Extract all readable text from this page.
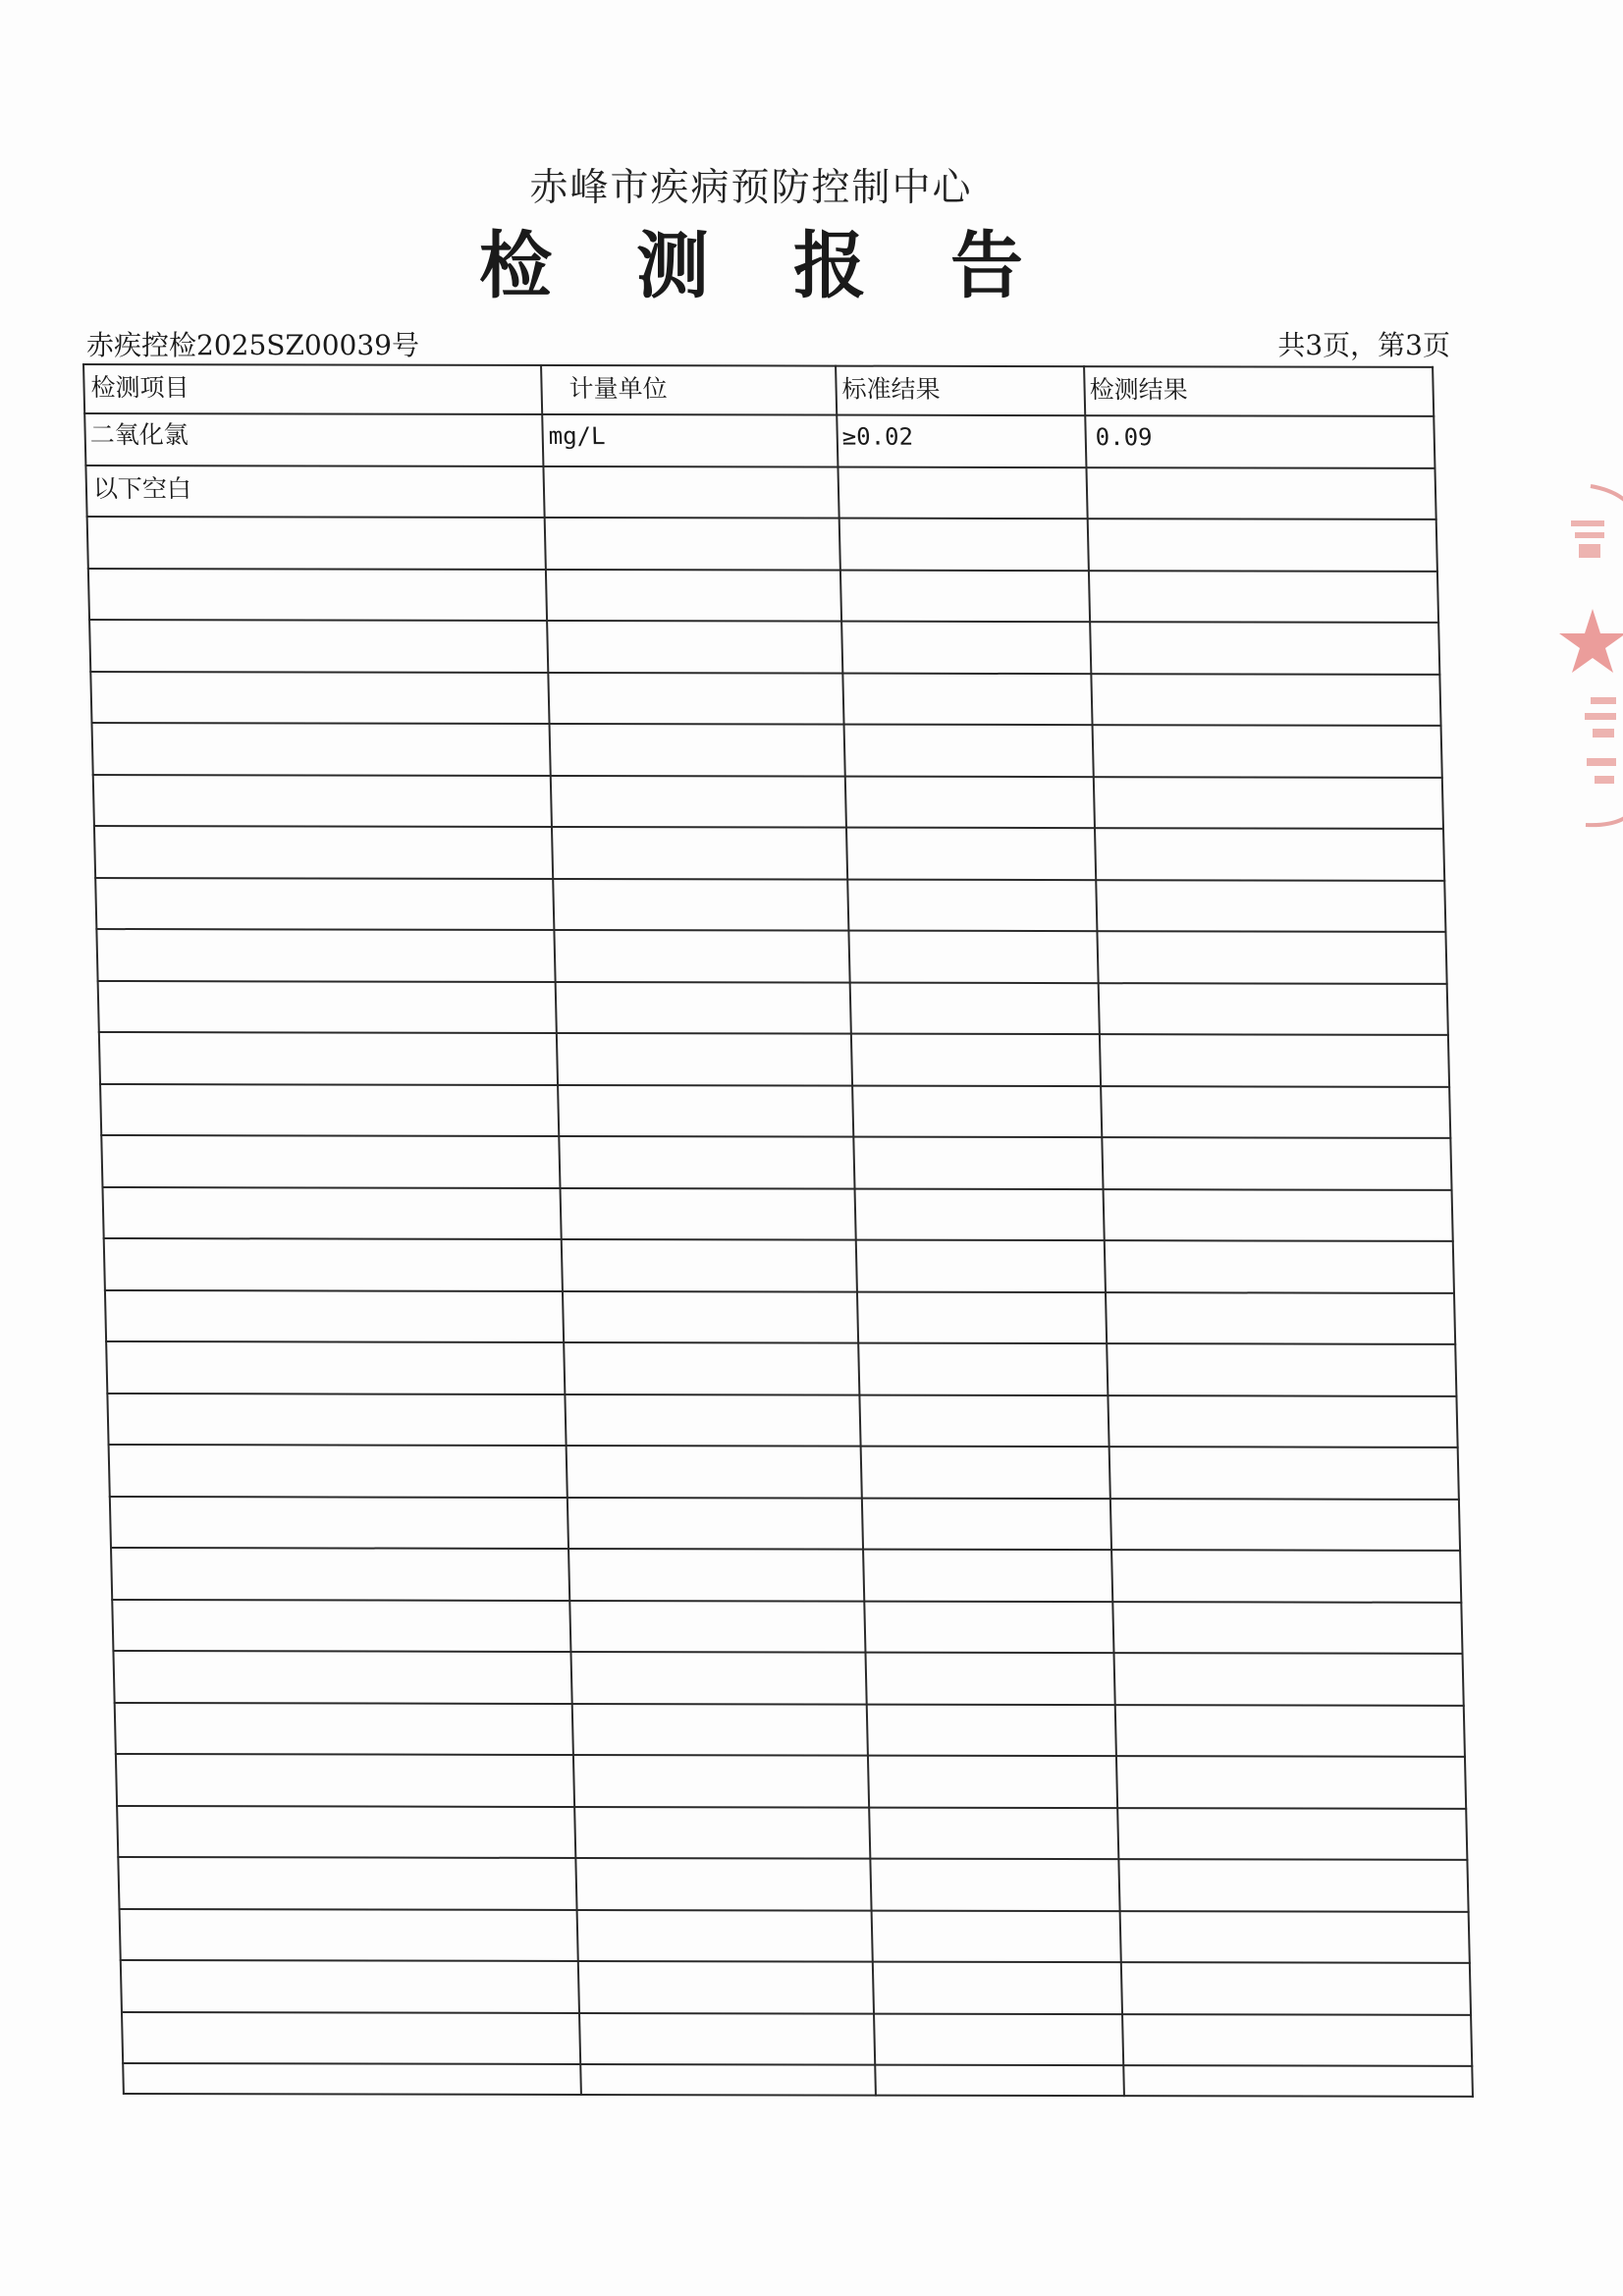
赤峰市疾病预防控制中心
检测报告
赤疾控检2025SZ00039号	共3页，第3页
检测项目	计量单位	标准结果	检测结果
二氧化氯	mg/L	≥0.02	0.09
以下空白
